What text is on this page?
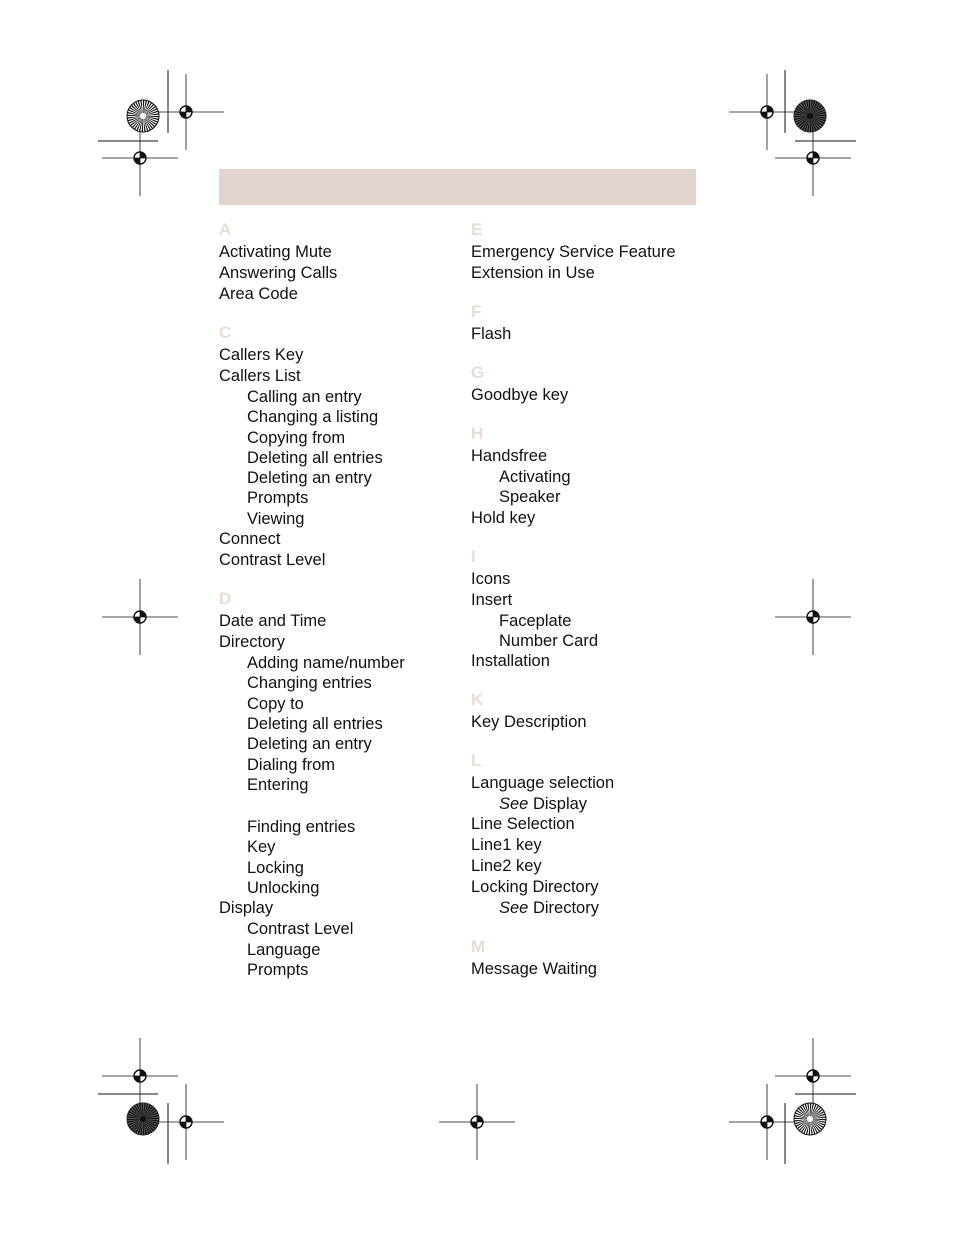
A
Activating Mute
Answering Calls
Area Code
C
Callers Key
Callers List
Calling an entry
Changing a listing
Copying from
Deleting all entries
Deleting an entry
Prompts
Viewing
Connect
Contrast Level
D
Date and Time
Directory
Adding name/number
Changing entries
Copy to
Deleting all entries
Deleting an entry
Dialing from
Entering
Finding entries
Key
Locking
Unlocking
Display
Contrast Level
Language
Prompts
E
Emergency Service Feature
Extension in Use
F
Flash
G
Goodbye key
H
Handsfree
Activating
Speaker
Hold key
I
Icons
Insert
Faceplate
Number Card
Installation
K
Key Description
L
Language selection
See Display
Line Selection
Line1 key
Line2 key
Locking Directory
See Directory
M
Message Waiting
